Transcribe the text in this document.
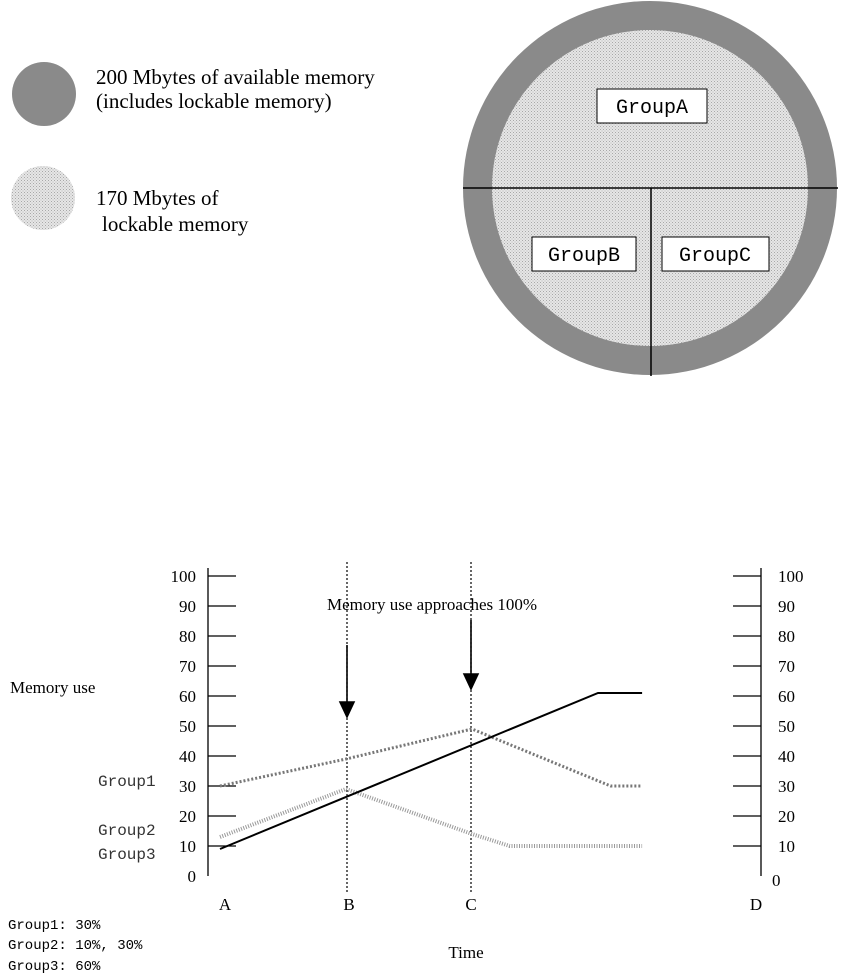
200 Mbytes of available memory
(includes lockable memory)
170 Mbytes of
lockable memory
GroupA
GroupB	GroupC
Memory use approaches 100%
Memory use
Time
0
10
20
30
40
50
60
70
80
90
100
0
10
20
30
40
50
60
70
80
90
100
A	B	C	D
Group1
Group2
Group3
Group1: 30%
Group2: 10%, 30%
Group3: 60%
